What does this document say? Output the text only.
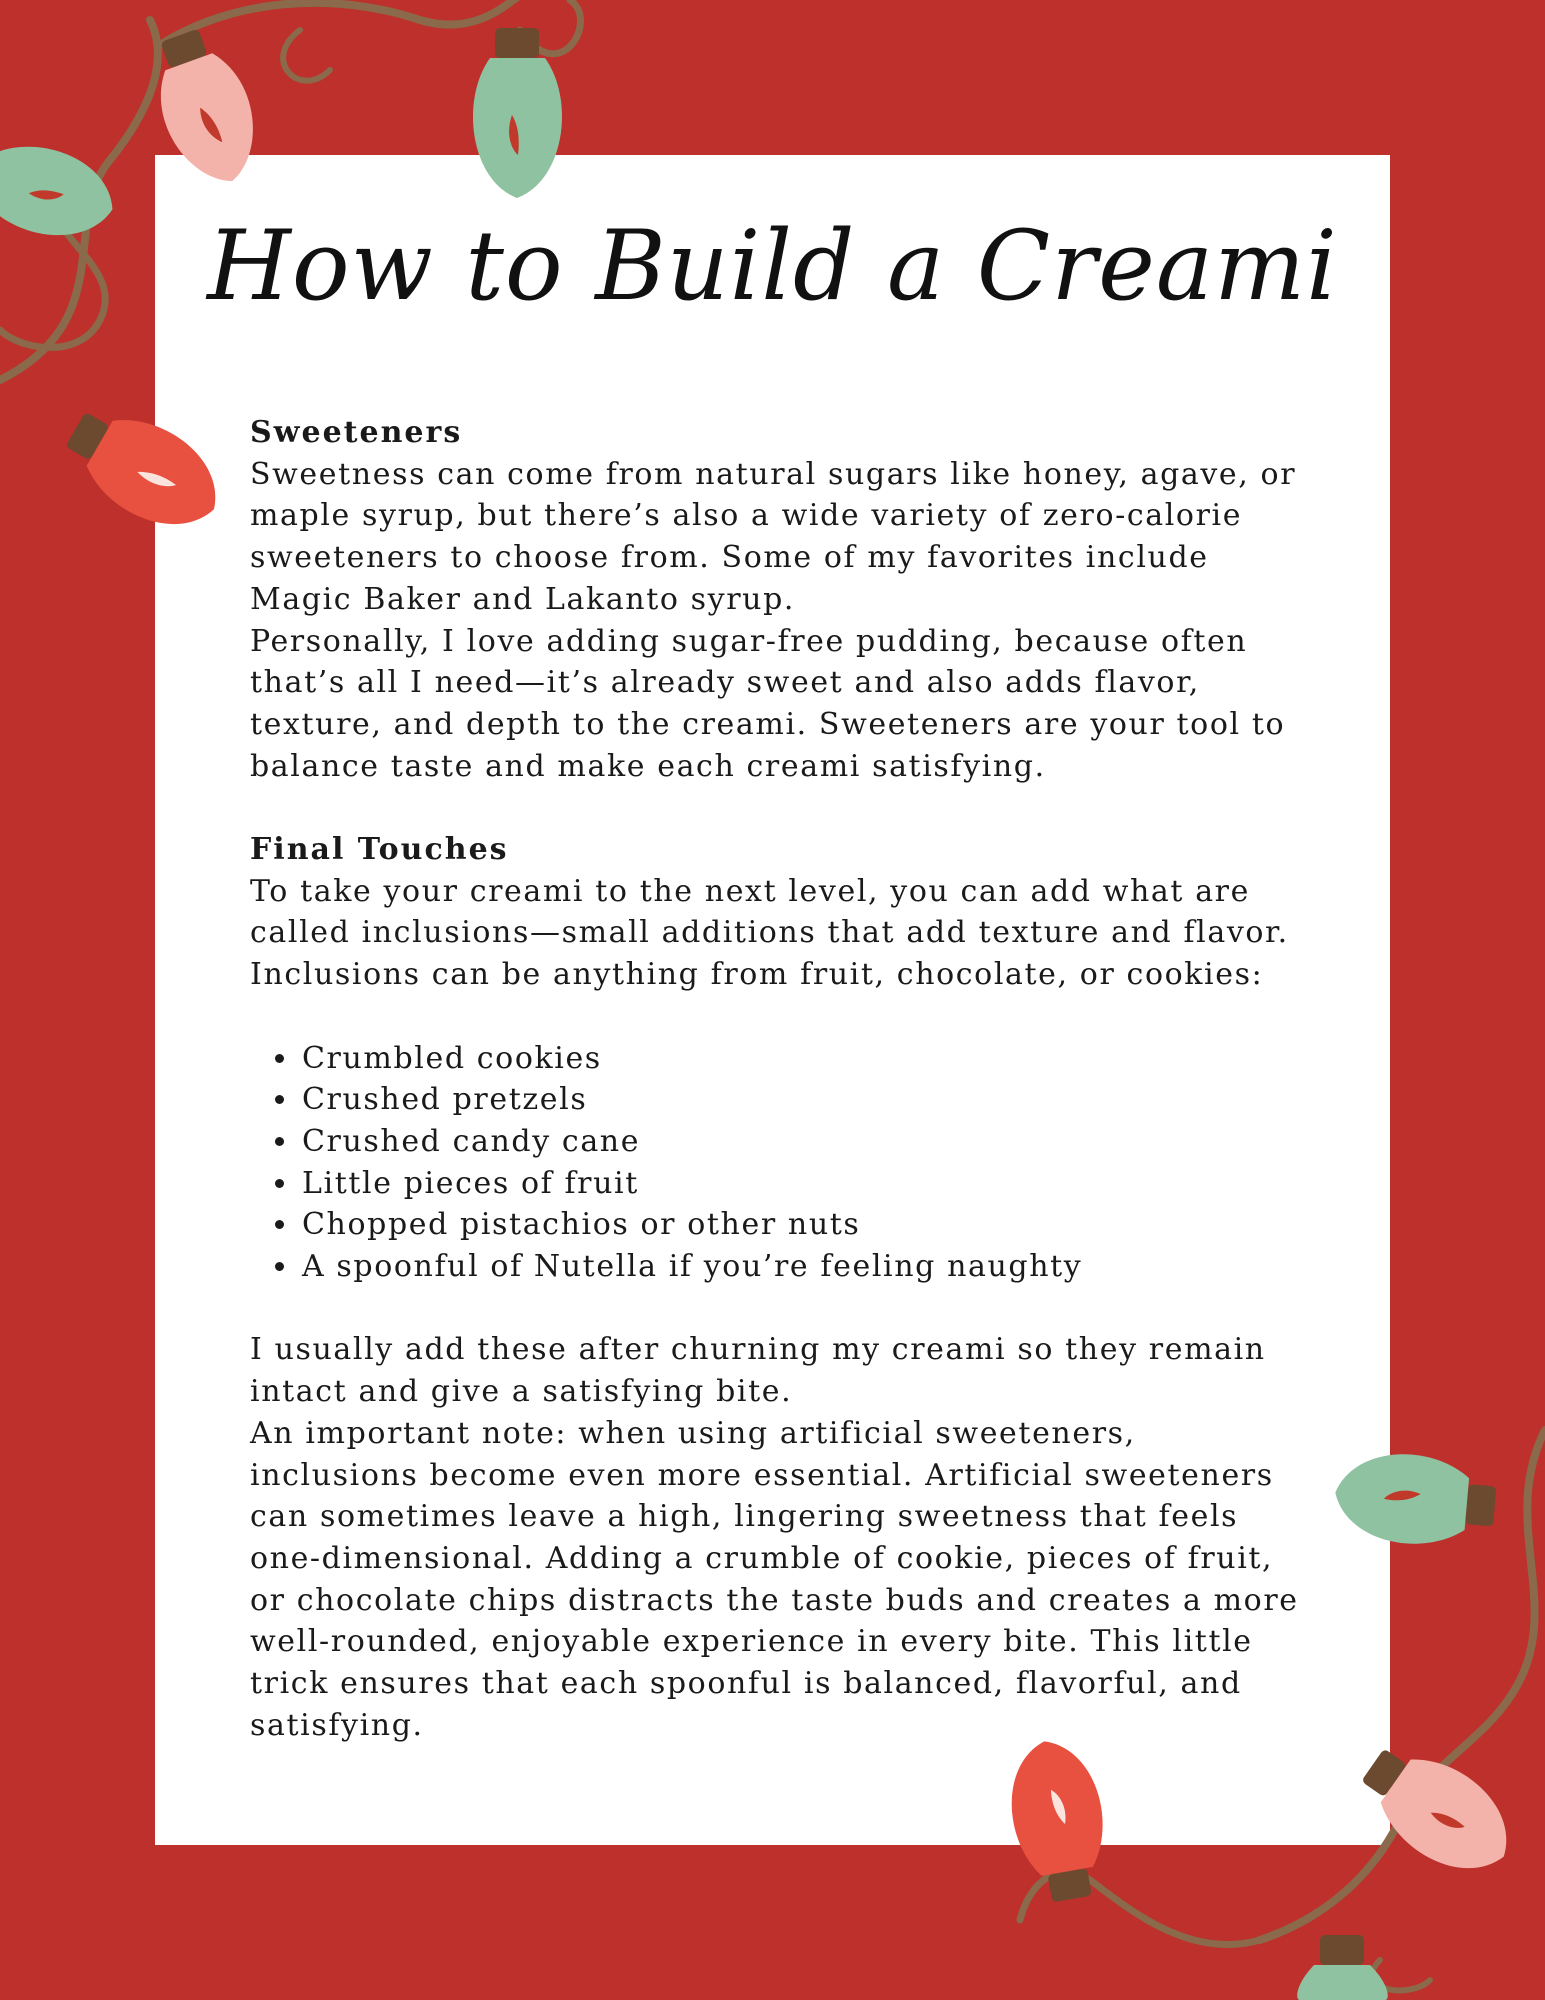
How to Build a Creami
Sweeteners

Sweetness can come from natural sugars like honey, agave, or maple syrup, but there’s also a wide variety of zero-calorie sweeteners to choose from. Some of my favorites include Magic Baker and Lakanto syrup.

Personally, I love adding sugar-free pudding, because often that’s all I need—it’s already sweet and also adds flavor, texture, and depth to the creami. Sweeteners are your tool to balance taste and make each creami satisfying.

Final Touches

To take your creami to the next level, you can add what are called inclusions—small additions that add texture and flavor. Inclusions can be anything from fruit, chocolate, or cookies:

• Crumbled cookies
• Crushed pretzels
• Crushed candy cane
• Little pieces of fruit
• Chopped pistachios or other nuts
• A spoonful of Nutella if you’re feeling naughty

I usually add these after churning my creami so they remain intact and give a satisfying bite.

An important note: when using artificial sweeteners, inclusions become even more essential. Artificial sweeteners can sometimes leave a high, lingering sweetness that feels one-dimensional. Adding a crumble of cookie, pieces of fruit, or chocolate chips distracts the taste buds and creates a more well-rounded, enjoyable experience in every bite. This little trick ensures that each spoonful is balanced, flavorful, and satisfying.
